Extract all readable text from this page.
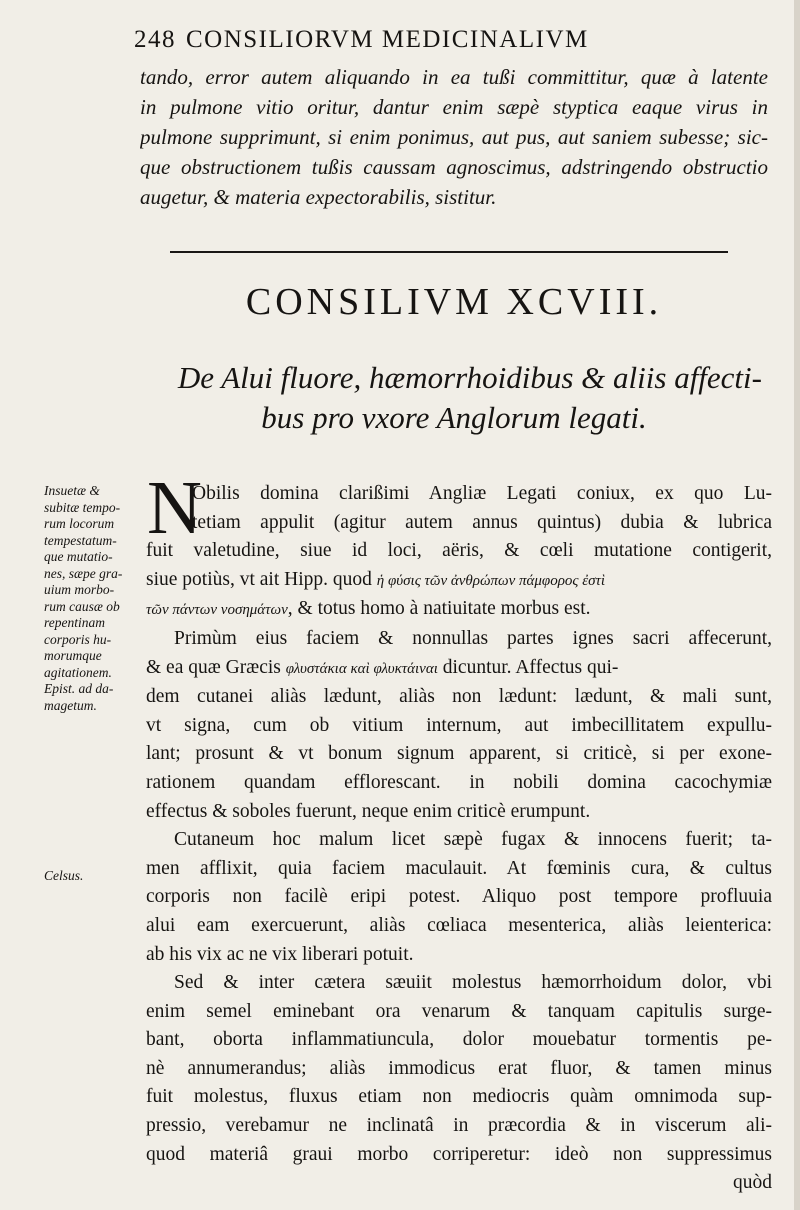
248 CONSILIORVM MEDICINALIVM
tando, error autem aliquando in ea tußi committitur, quæ à latente
in pulmone vitio oritur, dantur enim sæpè styptica eaque virus in
pulmone supprimunt, si enim ponimus, aut pus, aut saniem subesse; sic-
que obstructionem tußis caussam agnoscimus, adstringendo obstructio
augetur, & materia expectorabilis, sistitur.
CONSILIVM XCVIII.
De Alui fluore, hæmorrhoidibus & aliis affecti-
bus pro vxore Anglorum legati.
Insuetæ &
subitæ tempo-
rum locorum
tempestatum-
que mutatio-
nes, sæpe gra-
uium morbo-
rum causæ ob
repentinam
corporis hu-
morumque
agitationem.
Epist. ad da-
magetum.
Celsus.
N
Obilis domina clarißimi Angliæ Legati coniux, ex quo Lu-
tetiam appulit (agitur autem annus quintus) dubia & lubrica
fuit valetudine, siue id loci, aëris, & cœli mutatione contigerit,
siue potiùs, vt ait Hipp. quod ἡ φύσις τῶν ἀνθρώπων πάμφορος ἐστὶ
τῶν πάντων νοσημάτων, & totus homo à natiuitate morbus est.
Primùm eius faciem & nonnullas partes ignes sacri affecerunt,
& ea quæ Græcis φλυστάκια καὶ φλυκτάιναι dicuntur. Affectus qui-
dem cutanei aliàs lædunt, aliàs non lædunt: lædunt, & mali sunt,
vt signa, cum ob vitium internum, aut imbecillitatem expullu-
lant; prosunt & vt bonum signum apparent, si criticè, si per exone-
rationem quandam efflorescant. in nobili domina cacochymiæ
effectus & soboles fuerunt, neque enim criticè erumpunt.
Cutaneum hoc malum licet sæpè fugax & innocens fuerit; ta-
men afflixit, quia faciem maculauit. At fœminis cura, & cultus
corporis non facilè eripi potest. Aliquo post tempore profluuia
alui eam exercuerunt, aliàs cœliaca mesenterica, aliàs leienterica:
ab his vix ac ne vix liberari potuit.
Sed & inter cætera sæuiit molestus hæmorrhoidum dolor, vbi
enim semel eminebant ora venarum & tanquam capitulis surge-
bant, oborta inflammatiuncula, dolor mouebatur tormentis pe-
nè annumerandus; aliàs immodicus erat fluor, & tamen minus
fuit molestus, fluxus etiam non mediocris quàm omnimoda sup-
pressio, verebamur ne inclinatâ in præcordia & in viscerum ali-
quod materiâ graui morbo corriperetur: ideò non suppressimus
quòd
